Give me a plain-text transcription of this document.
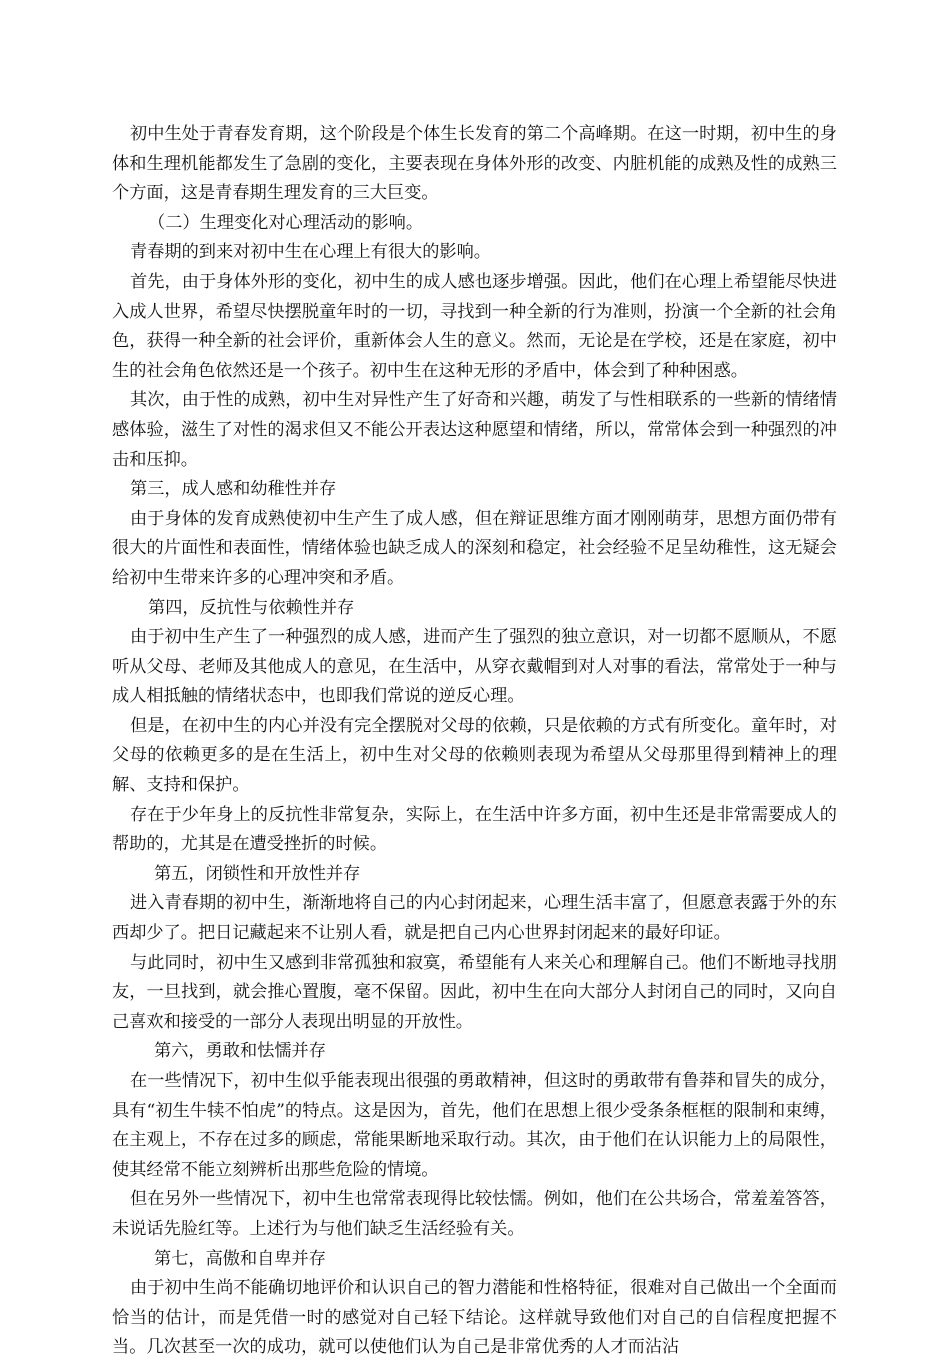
初中生处于青春发育期，这个阶段是个体生长发育的第二个高峰期。在这一时期，初中生的身体和生理机能都发生了急剧的变化，主要表现在身体外形的改变、内脏机能的成熟及性的成熟三个方面，这是青春期生理发育的三大巨变。

（二）生理变化对心理活动的影响。

青春期的到来对初中生在心理上有很大的影响。

首先，由于身体外形的变化，初中生的成人感也逐步增强。因此，他们在心理上希望能尽快进入成人世界，希望尽快摆脱童年时的一切，寻找到一种全新的行为准则，扮演一个全新的社会角色，获得一种全新的社会评价，重新体会人生的意义。然而，无论是在学校，还是在家庭，初中生的社会角色依然还是一个孩子。初中生在这种无形的矛盾中，体会到了种种困惑。

其次，由于性的成熟，初中生对异性产生了好奇和兴趣，萌发了与性相联系的一些新的情绪情感体验，滋生了对性的渴求但又不能公开表达这种愿望和情绪，所以，常常体会到一种强烈的冲击和压抑。

第三，成人感和幼稚性并存

由于身体的发育成熟使初中生产生了成人感，但在辩证思维方面才刚刚萌芽，思想方面仍带有很大的片面性和表面性，情绪体验也缺乏成人的深刻和稳定，社会经验不足呈幼稚性，这无疑会给初中生带来许多的心理冲突和矛盾。

第四，反抗性与依赖性并存

由于初中生产生了一种强烈的成人感，进而产生了强烈的独立意识，对一切都不愿顺从，不愿听从父母、老师及其他成人的意见，在生活中，从穿衣戴帽到对人对事的看法，常常处于一种与成人相抵触的情绪状态中，也即我们常说的逆反心理。

但是，在初中生的内心并没有完全摆脱对父母的依赖，只是依赖的方式有所变化。童年时，对父母的依赖更多的是在生活上，初中生对父母的依赖则表现为希望从父母那里得到精神上的理解、支持和保护。

存在于少年身上的反抗性非常复杂，实际上，在生活中许多方面，初中生还是非常需要成人的帮助的，尤其是在遭受挫折的时候。

第五，闭锁性和开放性并存

进入青春期的初中生，渐渐地将自己的内心封闭起来，心理生活丰富了，但愿意表露于外的东西却少了。把日记藏起来不让别人看，就是把自己内心世界封闭起来的最好印证。

与此同时，初中生又感到非常孤独和寂寞，希望能有人来关心和理解自己。他们不断地寻找朋友，一旦找到，就会推心置腹，毫不保留。因此，初中生在向大部分人封闭自己的同时，又向自己喜欢和接受的一部分人表现出明显的开放性。

第六，勇敢和怯懦并存

在一些情况下，初中生似乎能表现出很强的勇敢精神，但这时的勇敢带有鲁莽和冒失的成分，具有“初生牛犊不怕虎”的特点。这是因为，首先，他们在思想上很少受条条框框的限制和束缚，在主观上，不存在过多的顾虑，常能果断地采取行动。其次，由于他们在认识能力上的局限性，使其经常不能立刻辨析出那些危险的情境。

但在另外一些情况下，初中生也常常表现得比较怯懦。例如，他们在公共场合，常羞羞答答，未说话先脸红等。上述行为与他们缺乏生活经验有关。

第七，高傲和自卑并存

由于初中生尚不能确切地评价和认识自己的智力潜能和性格特征，很难对自己做出一个全面而恰当的估计，而是凭借一时的感觉对自己轻下结论。这样就导致他们对自己的自信程度把握不当。几次甚至一次的成功，就可以使他们认为自己是非常优秀的人才而沾沾
